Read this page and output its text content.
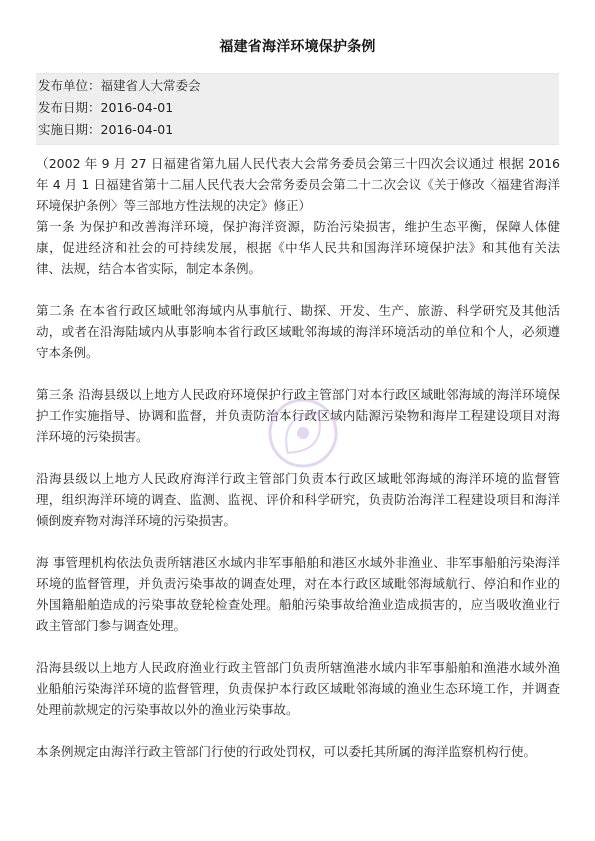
福建省海洋环境保护条例
发布单位：福建省人大常委会
发布日期：2016-04-01
实施日期：2016-04-01

（2002 年 9 月 27 日福建省第九届人民代表大会常务委员会第三十四次会议通过 根据 2016 年 4 月 1 日福建省第十二届人民代表大会常务委员会第二十二次会议《关于修改〈福建省海洋环境保护条例〉等三部地方性法规的决定》修正）

第一条 为保护和改善海洋环境，保护海洋资源，防治污染损害，维护生态平衡，保障人体健康，促进经济和社会的可持续发展，根据《中华人民共和国海洋环境保护法》和其他有关法律、法规，结合本省实际，制定本条例。

第二条 在本省行政区域毗邻海域内从事航行、勘探、开发、生产、旅游、科学研究及其他活动，或者在沿海陆域内从事影响本省行政区域毗邻海域的海洋环境活动的单位和个人，必须遵守本条例。

第三条 沿海县级以上地方人民政府环境保护行政主管部门对本行政区域毗邻海域的海洋环境保护工作实施指导、协调和监督，并负责防治本行政区域内陆源污染物和海岸工程建设项目对海洋环境的污染损害。

沿海县级以上地方人民政府海洋行政主管部门负责本行政区域毗邻海域的海洋环境的监督管理，组织海洋环境的调查、监测、监视、评价和科学研究，负责防治海洋工程建设项目和海洋倾倒废弃物对海洋环境的污染损害。

海 事管理机构依法负责所辖港区水域内非军事船舶和港区水域外非渔业、非军事船舶污染海洋环境的监督管理，并负责污染事故的调查处理，对在本行政区域毗邻海域航行、停泊和作业的外国籍船舶造成的污染事故登轮检查处理。船舶污染事故给渔业造成损害的，应当吸收渔业行政主管部门参与调查处理。

沿海县级以上地方人民政府渔业行政主管部门负责所辖渔港水域内非军事船舶和渔港水域外渔业船舶污染海洋环境的监督管理，负责保护本行政区域毗邻海域的渔业生态环境工作，并调查处理前款规定的污染事故以外的渔业污染事故。

本条例规定由海洋行政主管部门行使的行政处罚权，可以委托其所属的海洋监察机构行使。
